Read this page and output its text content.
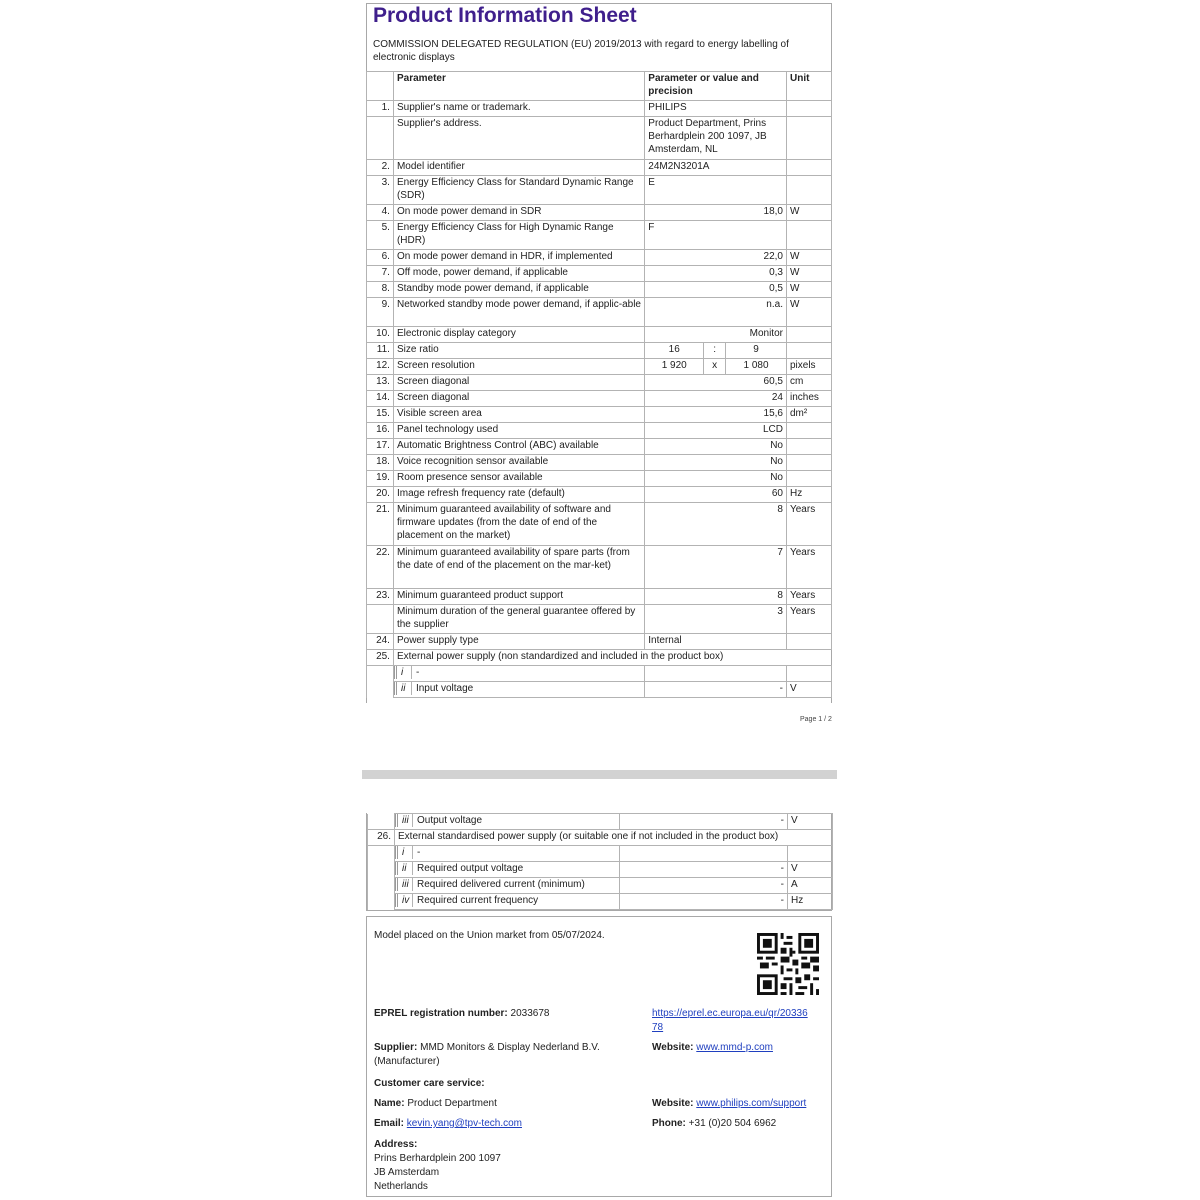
Product Information Sheet
COMMISSION DELEGATED REGULATION (EU) 2019/2013 with regard to energy labelling of electronic displays
	Parameter	Parameter or value and precision			Unit
1.	Supplier's name or trademark.	PHILIPS			
	Supplier's address.	Product Department, Prins Berhardplein 200 1097, JB Amsterdam, NL			
2.	Model identifier	24M2N3201A			
3.	Energy Efficiency Class for Standard Dynamic Range (SDR)	E			
4.	On mode power demand in SDR	18,0			W
5.	Energy Efficiency Class for High Dynamic Range (HDR)	F			
6.	On mode power demand in HDR, if implemented	22,0			W
7.	Off mode, power demand, if applicable	0,3			W
8.	Standby mode power demand, if applicable	0,5			W
9.	Networked standby mode power demand, if applic-able	n.a.			W
10.	Electronic display category	Monitor			
11.	Size ratio	16	:	9	
12.	Screen resolution	1 920	x	1 080	pixels
13.	Screen diagonal	60,5			cm
14.	Screen diagonal	24			inches
15.	Visible screen area	15,6			dm²
16.	Panel technology used	LCD			
17.	Automatic Brightness Control (ABC) available	No			
18.	Voice recognition sensor available	No			
19.	Room presence sensor available	No			
20.	Image refresh frequency rate (default)	60			Hz
21.	Minimum guaranteed availability of software and firmware updates (from the date of end of the placement on the market)	8			Years
22.	Minimum guaranteed availability of spare parts (from the date of end of the placement on the mar-ket)	7			Years
23.	Minimum guaranteed product support	8			Years
	Minimum duration of the general guarantee offered by the supplier	3			Years
24.	Power supply type	Internal			
25.	External power supply (non standardized and included in the product box)				

	i -				

	ii Input voltage	-			V
Page 1 / 2

	iii Output voltage	-	V
26.	External standardised power supply (or suitable one if not included in the product box)		

	i -		

	ii Required output voltage	-	V

	iii Required delivered current (minimum)	-	A

	iv Required current frequency	-	Hz
Model placed on the Union market from 05/07/2024.
EPREL registration number: 2033678	https://eprel.ec.europa.eu/qr/2033678
Supplier: MMD Monitors & Display Nederland B.V. (Manufacturer)
Website: www.mmd-p.com
Customer care service:
Name: Product Department	Website: www.philips.com/support
Email: kevin.yang@tpv-tech.com	Phone: +31 (0)20 504 6962
Address:
Prins Berhardplein 200 1097
JB Amsterdam
Netherlands
